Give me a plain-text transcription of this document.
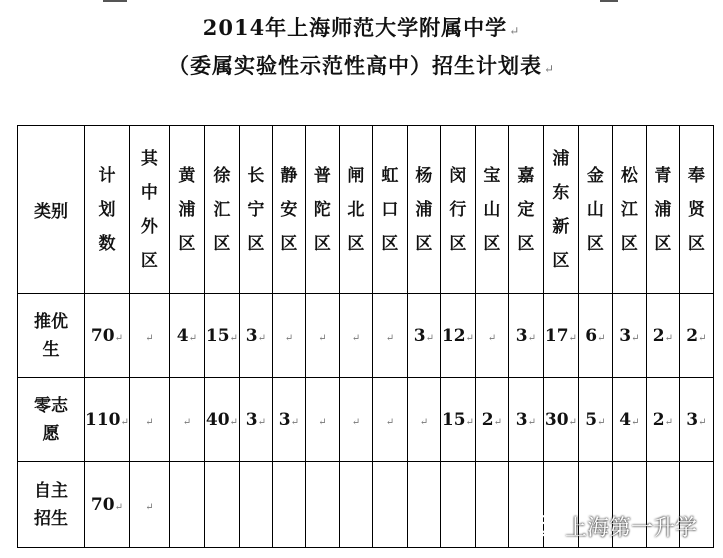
2014年上海师范大学附属中学 ↵
（委属实验性示范性高中）招生计划表 ↵
类别	计划数	其中外区	黄浦区	徐汇区	长宁区	静安区	普陀区	闸北区	虹口区	杨浦区	闵行区	宝山区	嘉定区	浦东新区	金山区	松江区	青浦区	奉贤区
推优生	70↵	↵	4↵	15↵	3↵	↵	↵	↵	↵	3↵	12↵	↵	3↵	17↵	6↵	3↵	2↵	2↵
零志愿	110↵	↵	↵	40↵	3↵	3↵	↵	↵	↵	↵	15↵	2↵	3↵	30↵	5↵	4↵	2↵	3↵
自主招生	70↵	↵																
上海第一升学
